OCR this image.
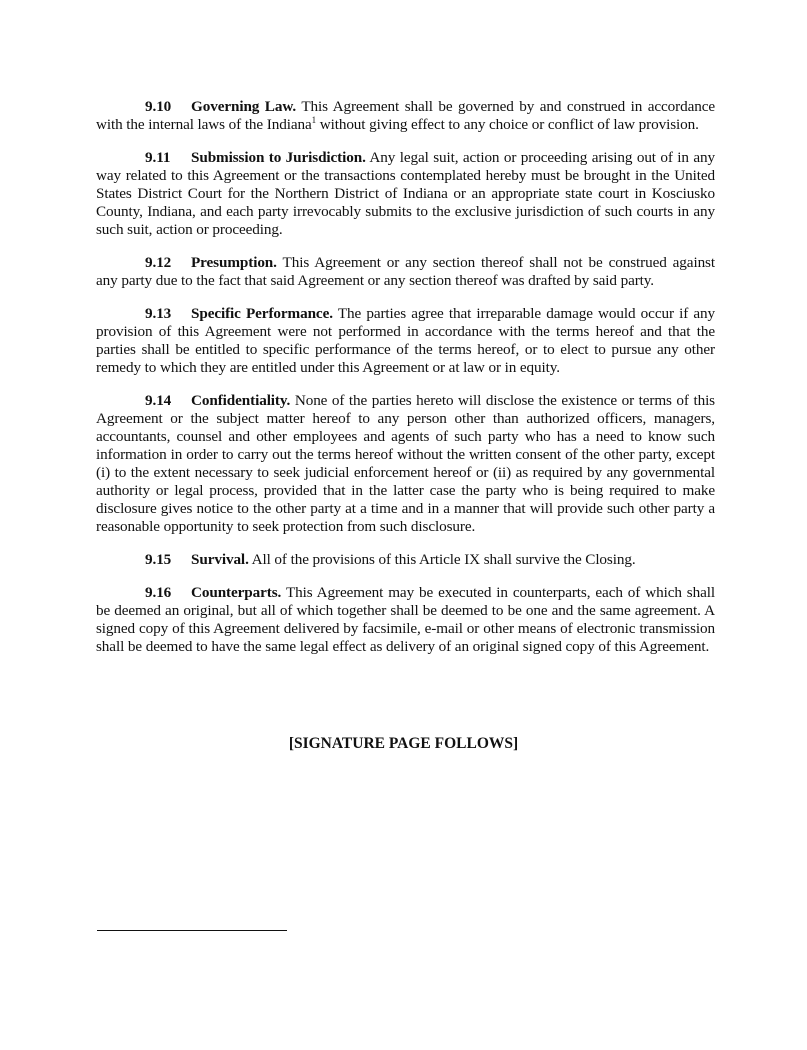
9.10 Governing Law. This Agreement shall be governed by and construed in accordance with the internal laws of the Indiana$^1$ without giving effect to any choice or conflict of law provision.

9.11 Submission to Jurisdiction. Any legal suit, action or proceeding arising out of in any way related to this Agreement or the transactions contemplated hereby must be brought in the United States District Court for the Northern District of Indiana or an appropriate state court in Kosciusko County, Indiana, and each party irrevocably submits to the exclusive jurisdiction of such courts in any such suit, action or proceeding.

9.12 Presumption. This Agreement or any section thereof shall not be construed against any party due to the fact that said Agreement or any section thereof was drafted by said party.

9.13 Specific Performance. The parties agree that irreparable damage would occur if any provision of this Agreement were not performed in accordance with the terms hereof and that the parties shall be entitled to specific performance of the terms hereof, or to elect to pursue any other remedy to which they are entitled under this Agreement or at law or in equity.

9.14 Confidentiality. None of the parties hereto will disclose the existence or terms of this Agreement or the subject matter hereof to any person other than authorized officers, managers, accountants, counsel and other employees and agents of such party who has a need to know such information in order to carry out the terms hereof without the written consent of the other party, except (i) to the extent necessary to seek judicial enforcement hereof or (ii) as required by any governmental authority or legal process, provided that in the latter case the party who is being required to make disclosure gives notice to the other party at a time and in a manner that will provide such other party a reasonable opportunity to seek protection from such disclosure.

9.15 Survival. All of the provisions of this Article IX shall survive the Closing.

9.16 Counterparts. This Agreement may be executed in counterparts, each of which shall be deemed an original, but all of which together shall be deemed to be one and the same agreement. A signed copy of this Agreement delivered by facsimile, e-mail or other means of electronic transmission shall be deemed to have the same legal effect as delivery of an original signed copy of this Agreement.

[SIGNATURE PAGE FOLLOWS]
